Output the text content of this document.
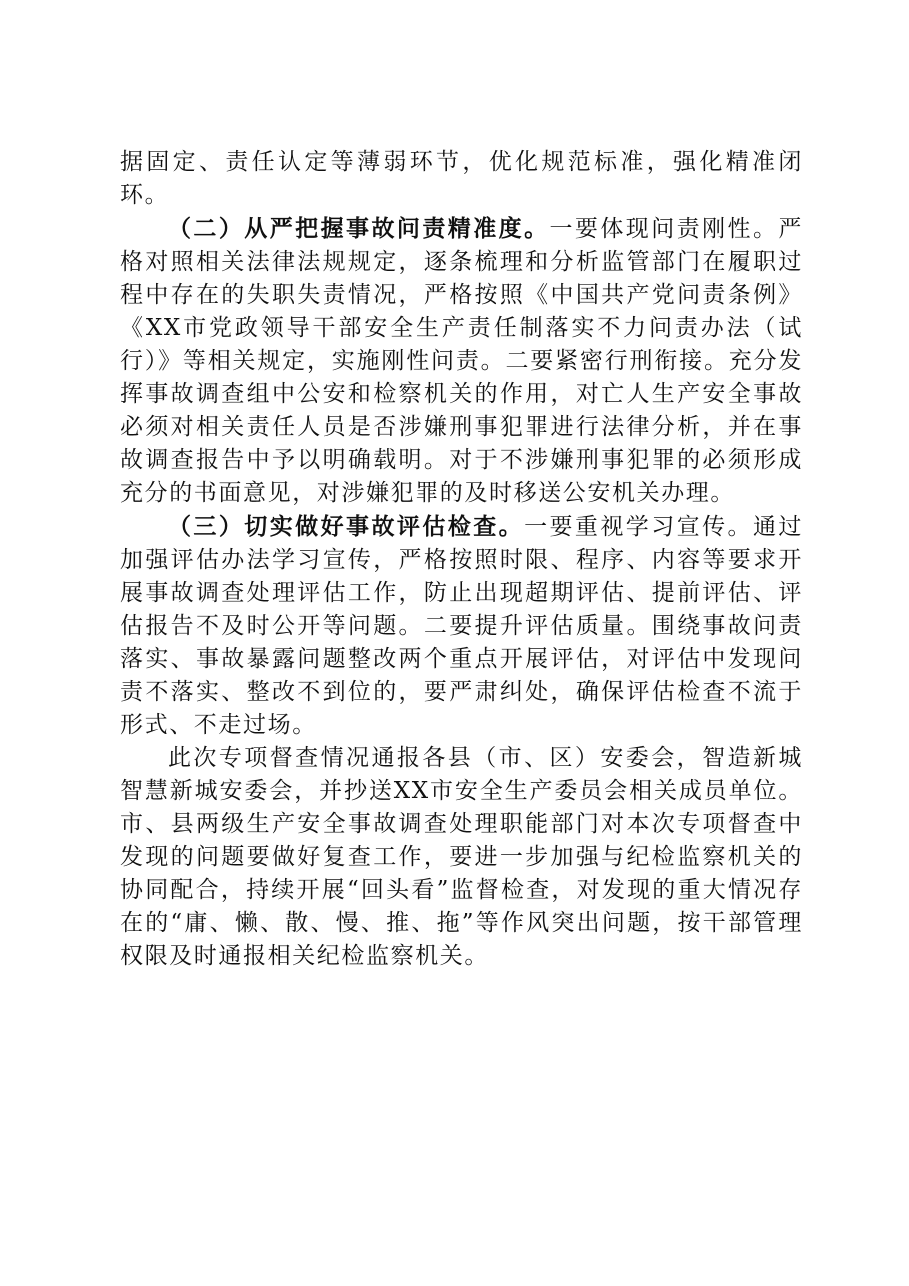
据固定、责任认定等薄弱环节，优化规范标准，强化精准闭环。

（二）从严把握事故问责精准度。一要体现问责刚性。严格对照相关法律法规规定，逐条梳理和分析监管部门在履职过程中存在的失职失责情况，严格按照《中国共产党问责条例》《XX市党政领导干部安全生产责任制落实不力问责办法（试行）》等相关规定，实施刚性问责。二要紧密行刑衔接。充分发挥事故调查组中公安和检察机关的作用，对亡人生产安全事故必须对相关责任人员是否涉嫌刑事犯罪进行法律分析，并在事故调查报告中予以明确载明。对于不涉嫌刑事犯罪的必须形成充分的书面意见，对涉嫌犯罪的及时移送公安机关办理。

（三）切实做好事故评估检查。一要重视学习宣传。通过加强评估办法学习宣传，严格按照时限、程序、内容等要求开展事故调查处理评估工作，防止出现超期评估、提前评估、评估报告不及时公开等问题。二要提升评估质量。围绕事故问责落实、事故暴露问题整改两个重点开展评估，对评估中发现问责不落实、整改不到位的，要严肃纠处，确保评估检查不流于形式、不走过场。

此次专项督查情况通报各县（市、区）安委会，智造新城智慧新城安委会，并抄送XX市安全生产委员会相关成员单位。市、县两级生产安全事故调查处理职能部门对本次专项督查中发现的问题要做好复查工作，要进一步加强与纪检监察机关的协同配合，持续开展“回头看”监督检查，对发现的重大情况存在的“庸、懒、散、慢、推、拖”等作风突出问题，按干部管理权限及时通报相关纪检监察机关。
